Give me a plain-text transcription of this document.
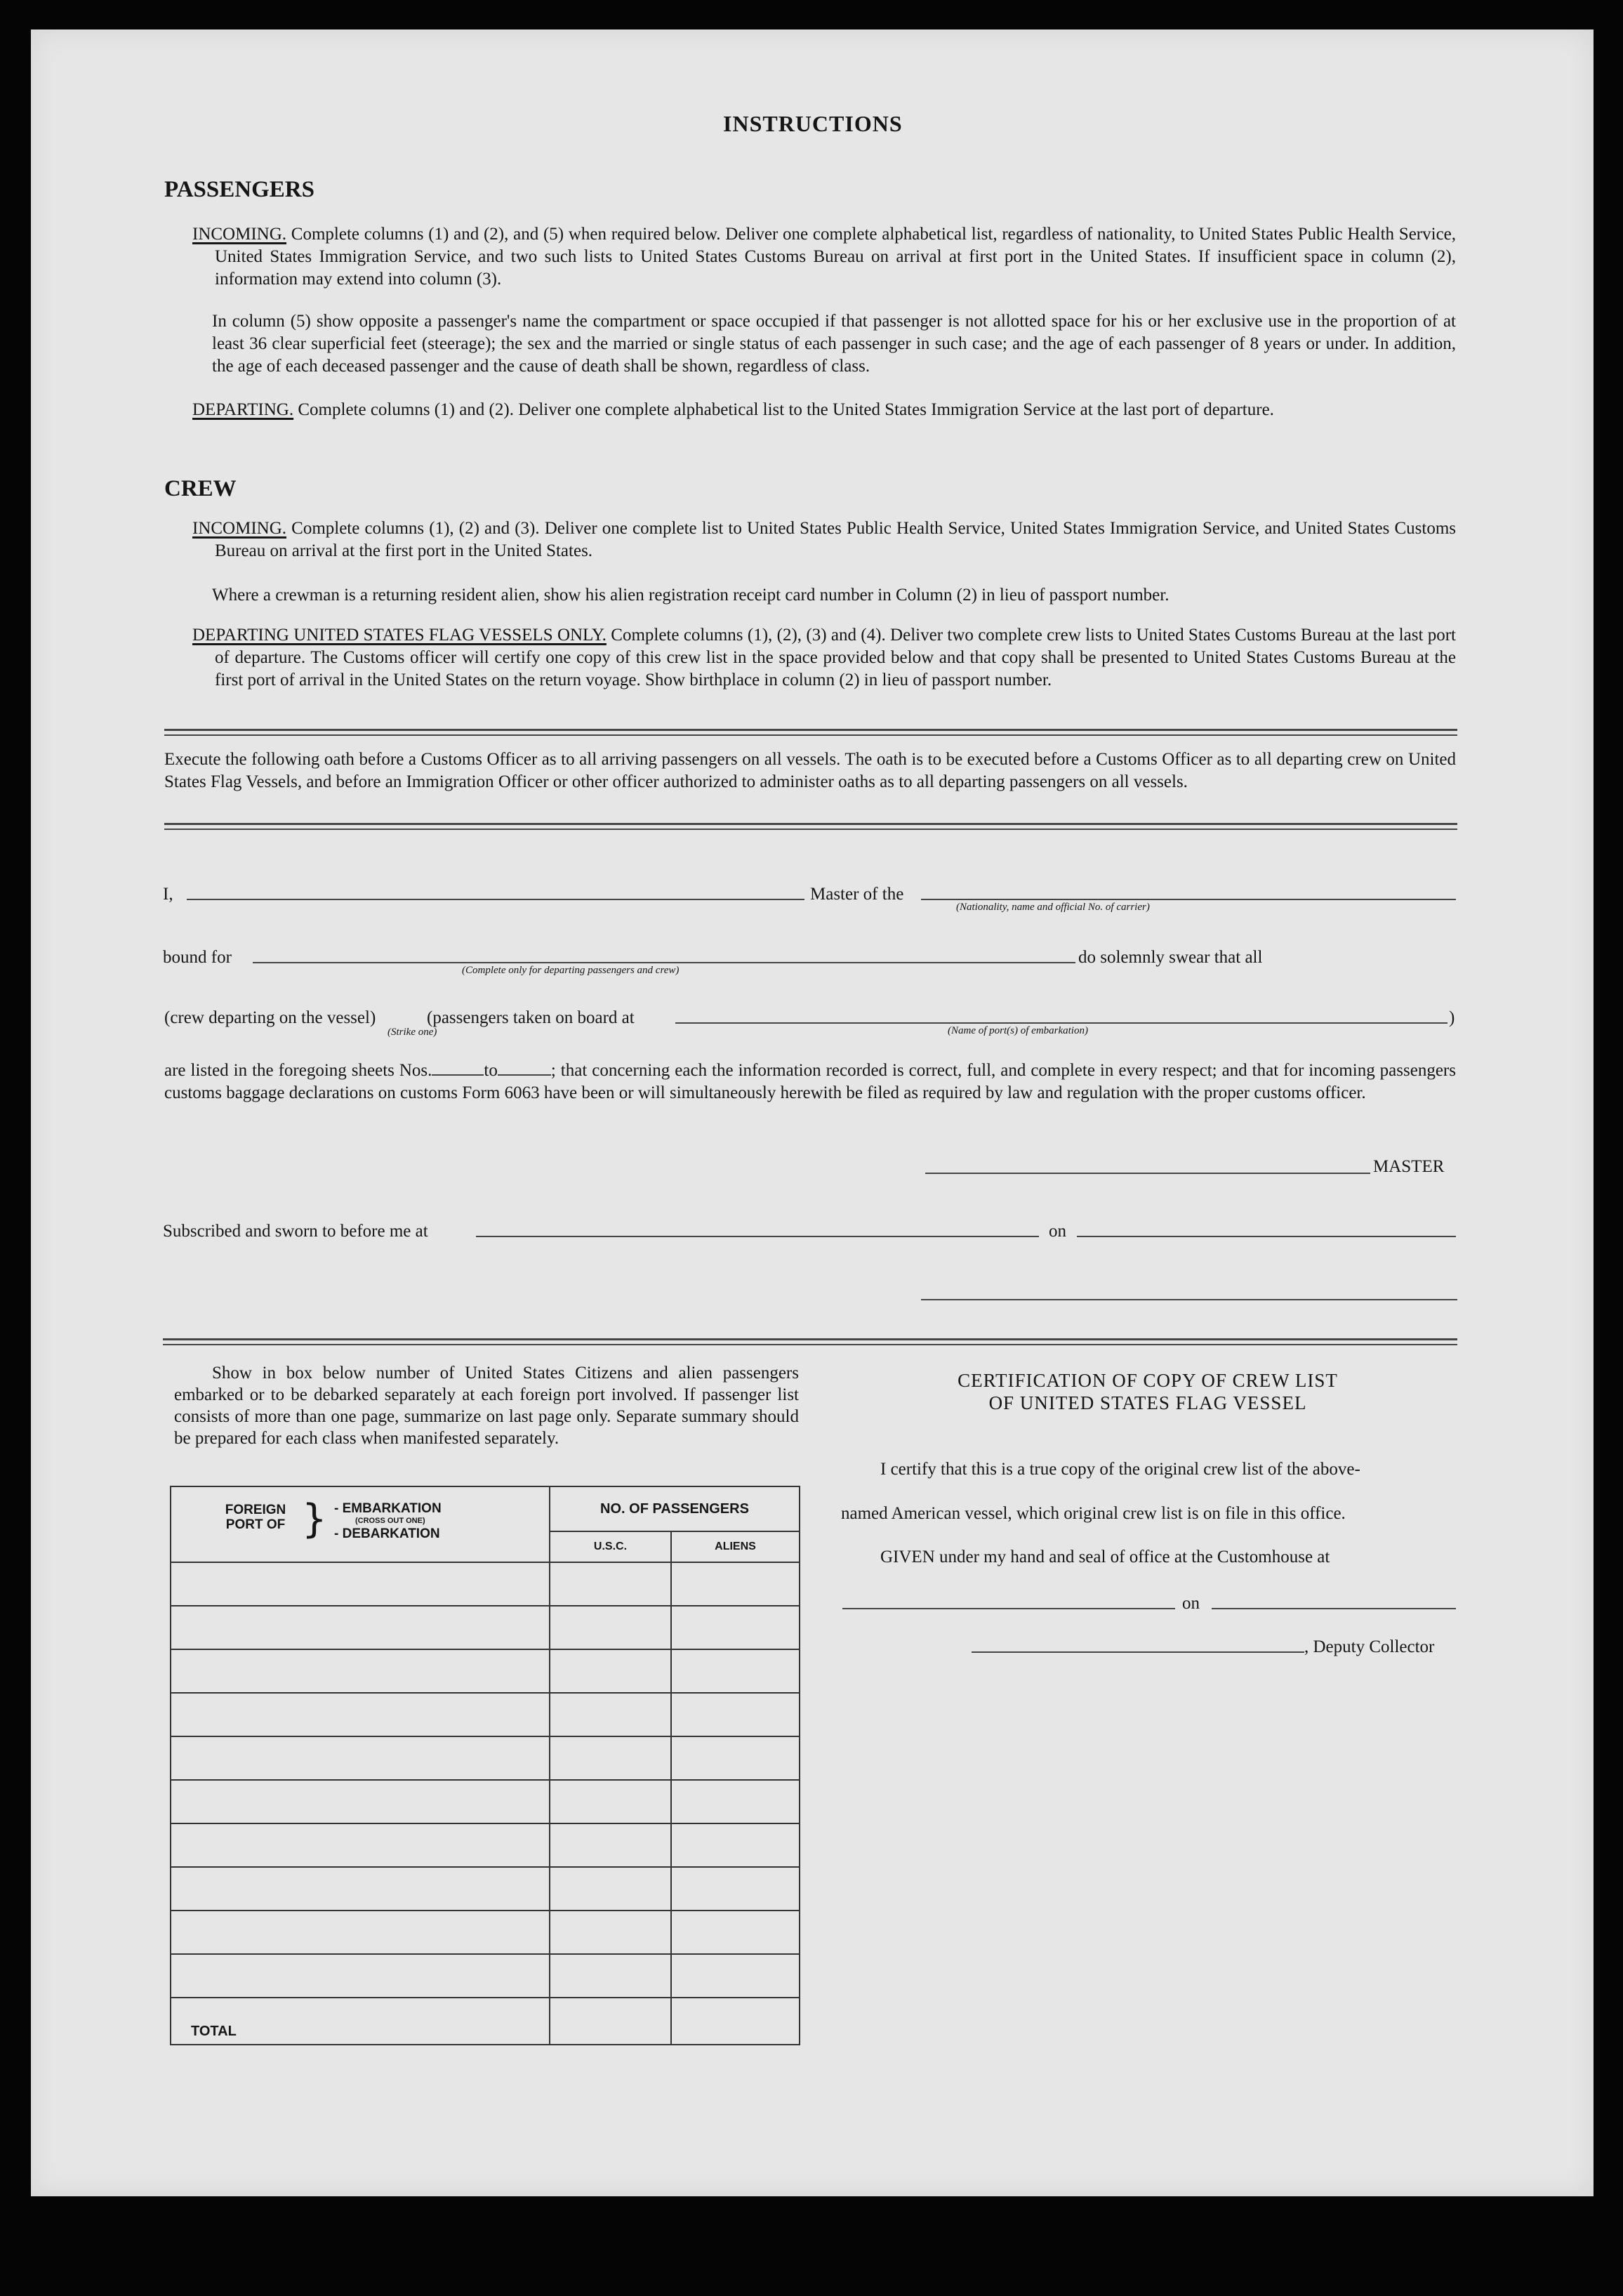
INSTRUCTIONS
PASSENGERS
INCOMING. Complete columns (1) and (2), and (5) when required below. Deliver one complete alphabetical list, regardless of nationality, to United States Public Health Service, United States Immigration Service, and two such lists to United States Customs Bureau on arrival at first port in the United States. If insufficient space in column (2), information may extend into column (3).
In column (5) show opposite a passenger's name the compartment or space occupied if that passenger is not allotted space for his or her exclusive use in the proportion of at least 36 clear superficial feet (steerage); the sex and the married or single status of each passenger in such case; and the age of each passenger of 8 years or under. In addition, the age of each deceased passenger and the cause of death shall be shown, regardless of class.
DEPARTING. Complete columns (1) and (2). Deliver one complete alphabetical list to the United States Immigration Service at the last port of departure.
CREW
INCOMING. Complete columns (1), (2) and (3). Deliver one complete list to United States Public Health Service, United States Immigration Service, and United States Customs Bureau on arrival at the first port in the United States.
Where a crewman is a returning resident alien, show his alien registration receipt card number in Column (2) in lieu of passport number.
DEPARTING UNITED STATES FLAG VESSELS ONLY. Complete columns (1), (2), (3) and (4). Deliver two complete crew lists to United States Customs Bureau at the last port of departure. The Customs officer will certify one copy of this crew list in the space provided below and that copy shall be presented to United States Customs Bureau at the first port of arrival in the United States on the return voyage. Show birthplace in column (2) in lieu of passport number.
Execute the following oath before a Customs Officer as to all arriving passengers on all vessels. The oath is to be executed before a Customs Officer as to all departing crew on United States Flag Vessels, and before an Immigration Officer or other officer authorized to administer oaths as to all departing passengers on all vessels.
I,	Master of the
(Nationality, name and official No. of carrier)
bound for
(Complete only for departing passengers and crew)
do solemnly swear that all
(crew departing on the vessel)
(Strike one)
(passengers taken on board at	)
(Name of port(s) of embarkation)
are listed in the foregoing sheets Nos.	to	; that concerning each the information recorded is correct, full, and complete in every respect; and that for incoming passengers customs baggage declarations on customs Form 6063 have been or will simultaneously herewith be filed as required by law and regulation with the proper customs officer.
MASTER
Subscribed and sworn to before me at	on
Show in box below number of United States Citizens and alien passengers embarked or to be debarked separately at each foreign port involved. If passenger list consists of more than one page, summarize on last page only. Separate summary should be prepared for each class when manifested separately.
FOREIGN PORT OF } - EMBARKATION
(CROSS OUT ONE)
- DEBARKATION	NO. OF PASSENGERS	
	U.S.C.	ALIENS

TOTAL		
CERTIFICATION OF COPY OF CREW LIST
OF UNITED STATES FLAG VESSEL
I certify that this is a true copy of the original crew list of the above-
named American vessel, which original crew list is on file in this office.
GIVEN under my hand and seal of office at the Customhouse at
on
, Deputy Collector
